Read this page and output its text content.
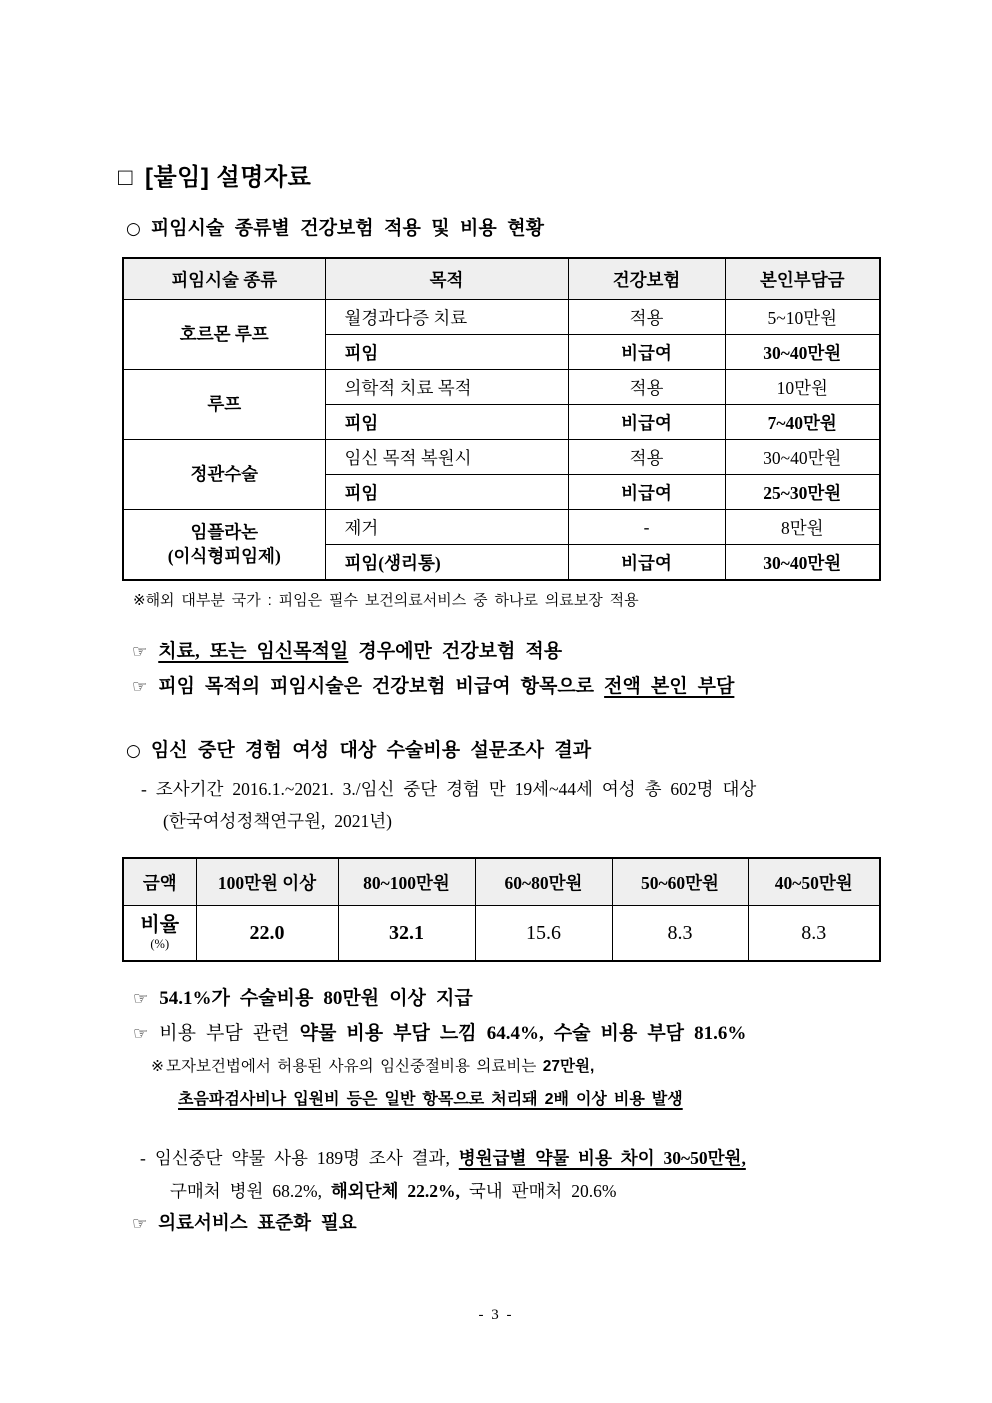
□ [붙임] 설명자료
○ 피임시술 종류별 건강보험 적용 및 비용 현황
피임시술 종류	목적	건강보험	본인부담금

호르몬 루프	월경과다증 치료	적용	5~10만원
	피임	비급여	30~40만원

루프	의학적 치료 목적	적용	10만원
	피임	비급여	7~40만원

정관수술	임신 목적 복원시	적용	30~40만원
	피임	비급여	25~30만원

임플라논
(이식형피임제)	제거	-	8만원
	피임(생리통)	비급여	30~40만원
※해외 대부분 국가 : 피임은 필수 보건의료서비스 중 하나로 의료보장 적용
☞ 치료, 또는 임신목적일 경우에만 건강보험 적용
☞ 피임 목적의 피임시술은 건강보험 비급여 항목으로 전액 본인 부담
○ 임신 중단 경험 여성 대상 수술비용 설문조사 결과
- 조사기간 2016.1.~2021. 3./임신 중단 경험 만 19세~44세 여성 총 602명 대상
(한국여성정책연구원, 2021년)
금액	100만원 이상	80~100만원	60~80만원	50~60만원	40~50만원

비율
(%)	22.0	32.1	15.6	8.3	8.3
☞ 54.1%가 수술비용 80만원 이상 지급
☞ 비용 부담 관련 약물 비용 부담 느낌 64.4%, 수술 비용 부담 81.6%
※ 모자보건법에서 허용된 사유의 임신중절비용 의료비는 27만원,
초음파검사비나 입원비 등은 일반 항목으로 처리돼 2배 이상 비용 발생
- 임신중단 약물 사용 189명 조사 결과, 병원급별 약물 비용 차이 30~50만원,
구매처 병원 68.2%, 해외단체 22.2%, 국내 판매처 20.6%
☞ 의료서비스 표준화 필요
- 3 -
